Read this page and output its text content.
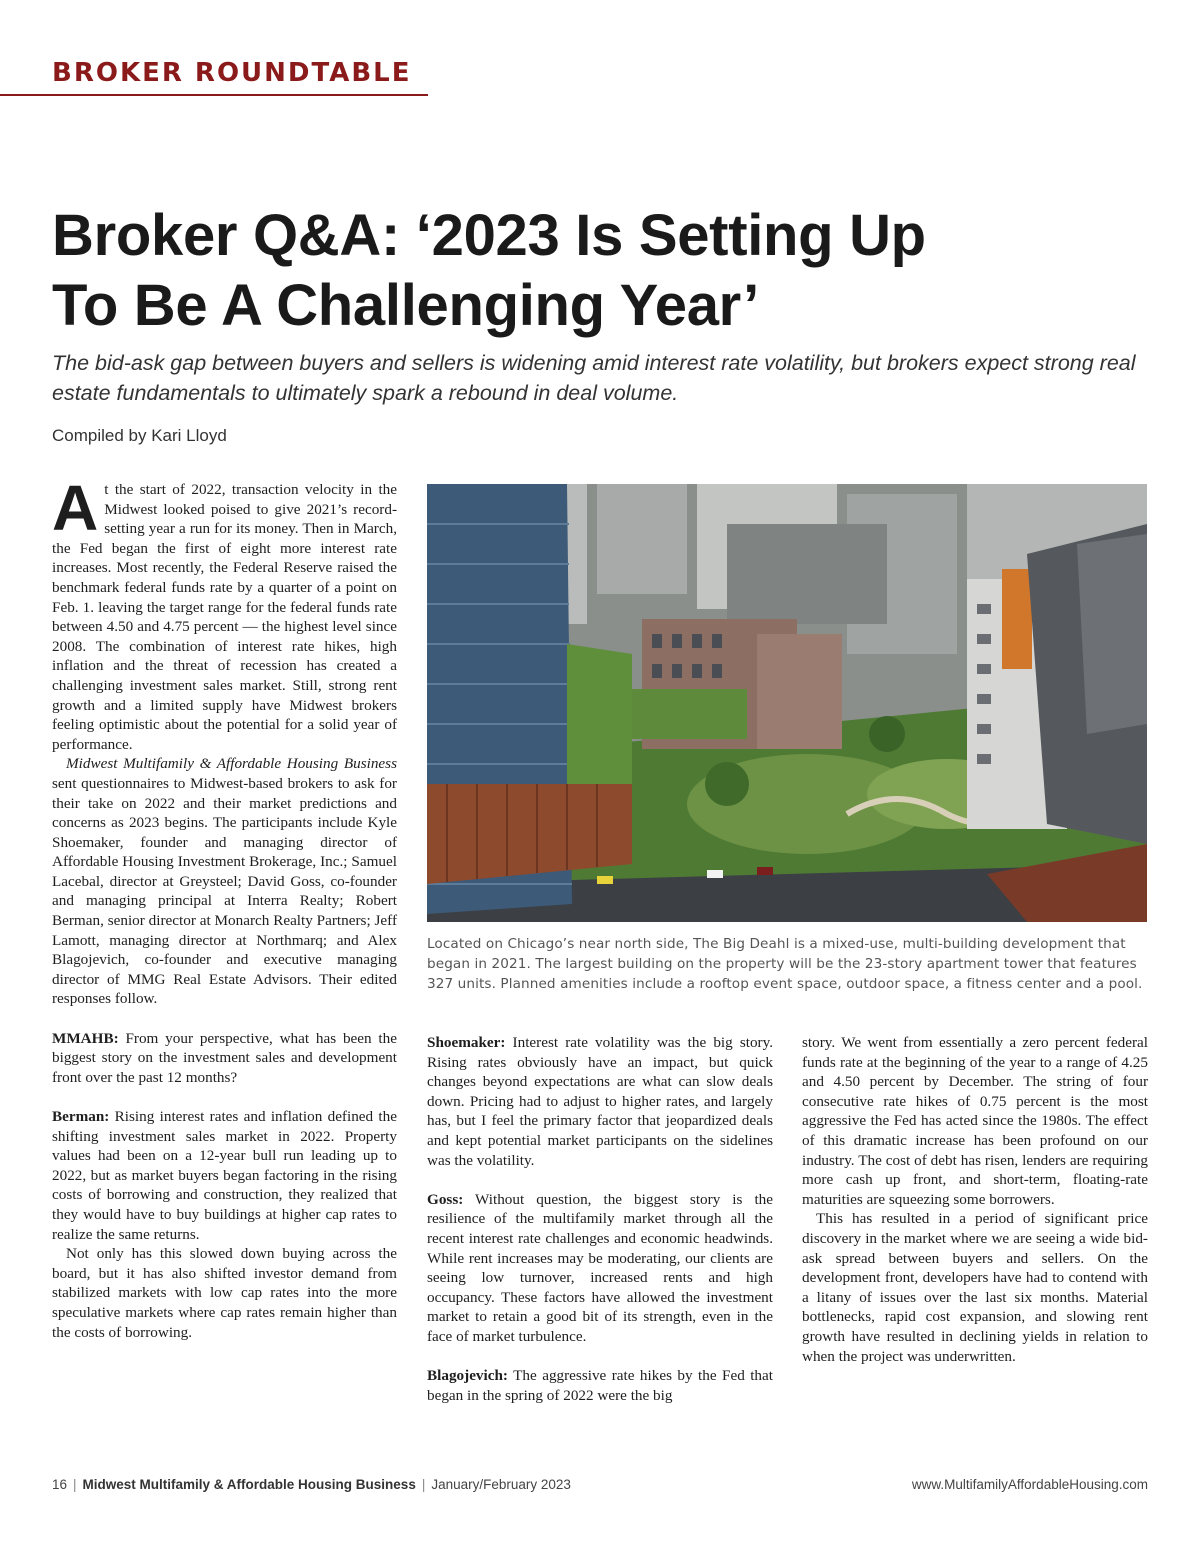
BROKER ROUNDTABLE
Broker Q&A: ‘2023 Is Setting Up
To Be A Challenging Year’

The bid-ask gap between buyers and sellers is widening amid interest rate volatility, but brokers expect strong real estate fundamentals to ultimately spark a rebound in deal volume.

Compiled by Kari Lloyd

At the start of 2022, transaction velocity in the Midwest looked poised to give 2021’s record-setting year a run for its money. Then in March, the Fed began the first of eight more interest rate increases. Most recently, the Federal Reserve raised the benchmark federal funds rate by a quarter of a point on Feb. 1. leaving the target range for the federal funds rate between 4.50 and 4.75 percent — the highest level since 2008. The combination of interest rate hikes, high inflation and the threat of recession has created a challenging investment sales market. Still, strong rent growth and a limited supply have Midwest brokers feeling optimistic about the potential for a solid year of performance.

Midwest Multifamily & Affordable Housing Business sent questionnaires to Midwest-based brokers to ask for their take on 2022 and their market predictions and concerns as 2023 begins. The participants include Kyle Shoemaker, founder and managing director of Affordable Housing Investment Brokerage, Inc.; Samuel Lacebal, director at Greysteel; David Goss, co-founder and managing principal at Interra Realty; Robert Berman, senior director at Monarch Realty Partners; Jeff Lamott, managing director at Northmarq; and Alex Blagojevich, co-founder and executive managing director of MMG Real Estate Advisors. Their edited responses follow.

MMAHB: From your perspective, what has been the biggest story on the investment sales and development front over the past 12 months?

Berman: Rising interest rates and inflation defined the shifting investment sales market in 2022. Property values had been on a 12-year bull run leading up to 2022, but as market buyers began factoring in the rising costs of borrowing and construction, they realized that they would have to buy buildings at higher cap rates to realize the same returns.

Not only has this slowed down buying across the board, but it has also shifted investor demand from stabilized markets with low cap rates into the more speculative markets where cap rates remain higher than the costs of borrowing.

Located on Chicago’s near north side, The Big Deahl is a mixed-use, multi-building development that began in 2021. The largest building on the property will be the 23-story apartment tower that features 327 units. Planned amenities include a rooftop event space, outdoor space, a fitness center and a pool.

Shoemaker: Interest rate volatility was the big story. Rising rates obviously have an impact, but quick changes beyond expectations are what can slow deals down. Pricing had to adjust to higher rates, and largely has, but I feel the primary factor that jeopardized deals and kept potential market participants on the sidelines was the volatility.

Goss: Without question, the biggest story is the resilience of the multifamily market through all the recent interest rate challenges and economic headwinds. While rent increases may be moderating, our clients are seeing low turnover, increased rents and high occupancy. These factors have allowed the investment market to retain a good bit of its strength, even in the face of market turbulence.

Blagojevich: The aggressive rate hikes by the Fed that began in the spring of 2022 were the big

story. We went from essentially a zero percent federal funds rate at the beginning of the year to a range of 4.25 and 4.50 percent by December. The string of four consecutive rate hikes of 0.75 percent is the most aggressive the Fed has acted since the 1980s. The effect of this dramatic increase has been profound on our industry. The cost of debt has risen, lenders are requiring more cash up front, and short-term, floating-rate maturities are squeezing some borrowers.

This has resulted in a period of significant price discovery in the market where we are seeing a wide bid-ask spread between buyers and sellers. On the development front, developers have had to contend with a litany of issues over the last six months. Material bottlenecks, rapid cost expansion, and slowing rent growth have resulted in declining yields in relation to when the project was underwritten.

16 | Midwest Multifamily & Affordable Housing Business | January/February 2023	www.MultifamilyAffordableHousing.com
